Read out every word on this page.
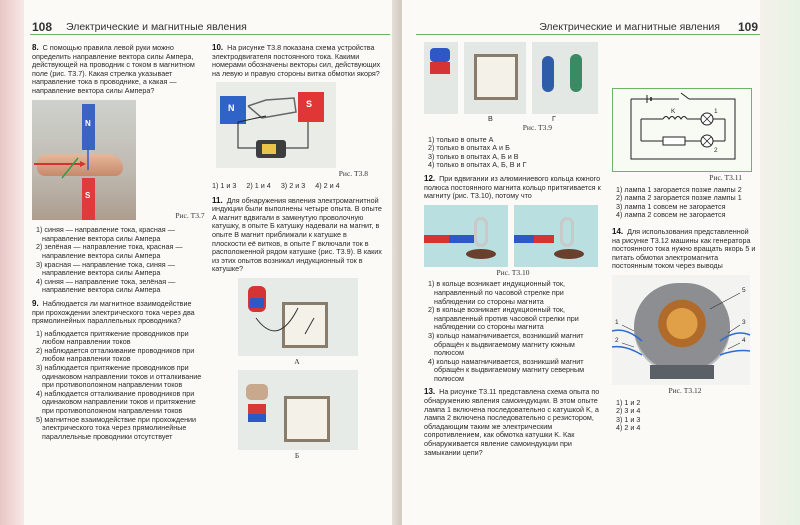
108 Электрические и магнитные явления
8. С помощью правила левой руки можно определить направление вектора силы Ампера, действующей на проводник с током в магнитном поле (рис. Т3.7). Какая стрелка указывает направление тока в проводнике, а какая — направление вектора силы Ампера?
N
S
Рис. Т3.7
1) синяя — направление тока, красная — направление вектора силы Ампера
2) зелёная — направление тока, красная — направление вектора силы Ампера
3) красная — направление тока, синяя — направление вектора силы Ампера
4) синяя — направление тока, зелёная — направление вектора силы Ампера
9. Наблюдается ли магнитное взаимодействие при прохождении электрического тока через два прямолинейных параллельных проводника?
1) наблюдается притяжение проводников при любом направлении токов
2) наблюдается отталкивание проводников при любом направлении токов
3) наблюдается притяжение проводников при одинаковом направлении токов и отталкивание при противоположном направлении токов
4) наблюдается отталкивание проводников при одинаковом направлении токов и притяжение при противоположном направлении токов
5) магнитное взаимодействие при прохождении электрического тока через прямолинейные параллельные проводники отсутствует
10. На рисунке Т3.8 показана схема устройства электродвигателя постоянного тока. Какими номерами обозначены векторы сил, действующих на левую и правую стороны витка обмотки якоря?
N	S
Рис. Т3.8
1) 1 и 3 2) 1 и 4 3) 2 и 3 4) 2 и 4
11. Для обнаружения явления электромагнитной индукции были выполнены четыре опыта. В опыте А магнит вдвигали в замкнутую проволочную катушку, в опыте Б катушку надевали на магнит, в опыте В магнит приближали к катушке в плоскости её витков, в опыте Г включали ток в расположенной рядом катушке (рис. Т3.9). В каких из этих опытов возникал индукционный ток в катушке?
А
Б
Электрические и магнитные явления 109
В	Г
Рис. Т3.9
1) только в опыте А
2) только в опытах А и Б
3) только в опытах А, Б и В
4) только в опытах А, Б, В и Г
12. При вдвигании из алюминиевого кольца южного полюса постоянного магнита кольцо притягивается к магниту (рис. Т3.10), потому что
Рис. Т3.10
1) в кольце возникает индукционный ток, направленный по часовой стрелке при наблюдении со стороны магнита
2) в кольце возникает индукционный ток, направленный против часовой стрелки при наблюдении со стороны магнита
3) кольцо намагничивается, возникший магнит обращён к выдвигаемому магниту южным полюсом
4) кольцо намагничивается, возникший магнит обращён к выдвигаемому магниту северным полюсом
13. На рисунке Т3.11 представлена схема опыта по обнаружению явления самоиндукции. В этом опыте лампа 1 включена последовательно с катушкой K, а лампа 2 включена последовательно с резистором, обладающим таким же электрическим сопротивлением, как обмотка катушки K. Как обнаруживается явление самоиндукции при замыкании цепи?
K	1
2
Рис. Т3.11
1) лампа 1 загорается позже лампы 2
2) лампа 2 загорается позже лампы 1
3) лампа 1 совсем не загорается
4) лампа 2 совсем не загорается
14. Для использования представленной на рисунке Т3.12 машины как генератора постоянного тока нужно вращать якорь 5 и питать обмотки электромагнита постоянным током через выводы
1
2
3
4
5
Рис. Т3.12
1) 1 и 2
2) 3 и 4
3) 1 и 3
4) 2 и 4
